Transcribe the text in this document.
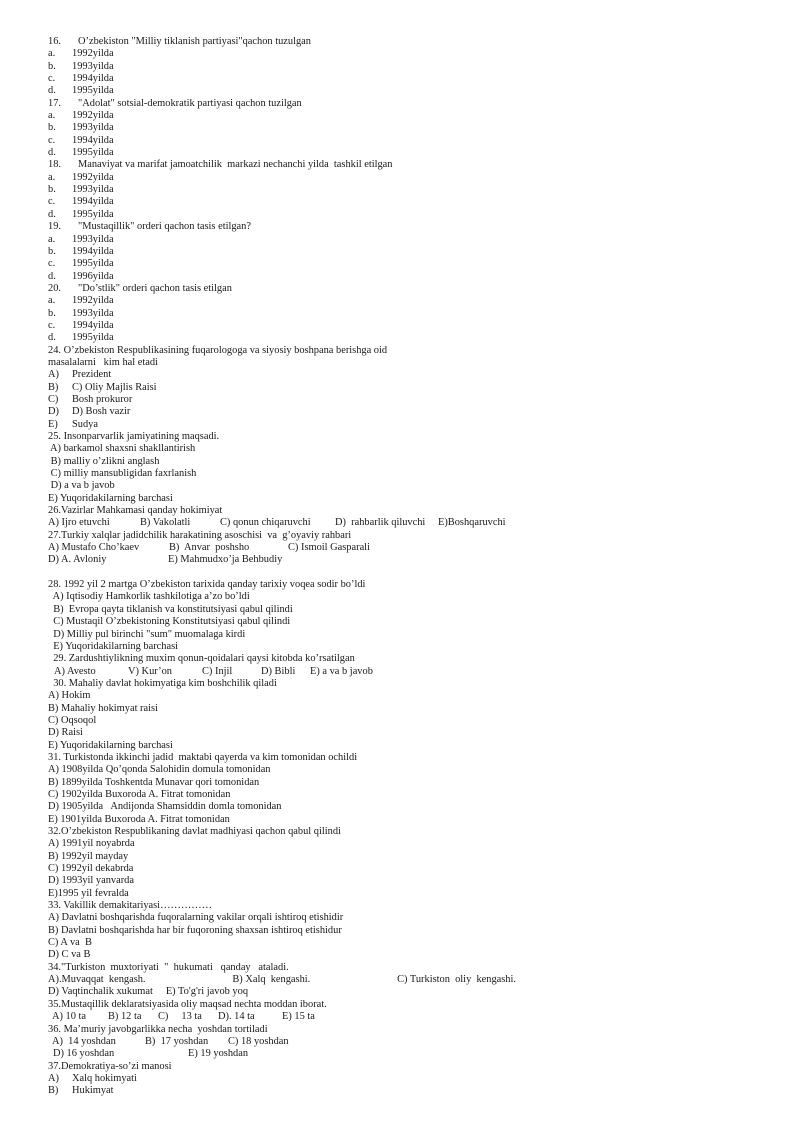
16. O’zbekiston "Milliy tiklanish partiyasi"qachon tuzulgan
a. 1992yilda
b. 1993yilda
c. 1994yilda
d. 1995yilda
17. "Adolat" sotsial-demokratik partiyasi qachon tuzilgan
a. 1992yilda
b. 1993yilda
c. 1994yilda
d. 1995yilda
18. Manaviyat va marifat jamoatchilik  markazi nechanchi yilda  tashkil etilgan
a. 1992yilda
b. 1993yilda
c. 1994yilda
d. 1995yilda
19. "Mustaqillik" orderi qachon tasis etilgan?
a. 1993yilda
b. 1994yilda
c. 1995yilda
d. 1996yilda
20. "Do’stlik" orderi qachon tasis etilgan
a. 1992yilda
b. 1993yilda
c. 1994yilda
d. 1995yilda
24. O’zbekiston Respublikasining fuqarologoga va siyosiy boshpana berishga oid
masalalarni   kim hal etadi
A) Prezident
B) C) Oliy Majlis Raisi
C) Bosh prokuror
D) D) Bosh vazir
E) Sudya
25. Insonparvarlik jamiyatining maqsadi.
A) barkamol shaxsni shakllantirish
B) malliy o’zlikni anglash
C) milliy mansubligidan faxrlanish
D) a va b javob
E) Yuqoridakilarning barchasi
26.Vazirlar Mahkamasi qanday hokimiyat

A) Ijro etuvchi

	B) Vakolatli

	C) qonun chiqaruvchi

D)  rahbarlik qiluvchi

E)Boshqaruvchi

27.Turkiy xalqlar jadidchilik harakatining asoschisi  va  g’oyaviy rahbari

A) Mustafo Cho’kaev

	B)  Anvar  poshsho

	C) Ismoil Gasparali

D) A. Avloniy

	E) Mahmudxo’ja Behbudiy

28. 1992 yil 2 martga O’zbekiston tarixida qanday tarixiy voqea sodir bo’ldi
A) Iqtisodiy Hamkorlik tashkilotiga a’zo bo’ldi
B)  Evropa qayta tiklanish va konstitutsiyasi qabul qilindi
C) Mustaqil O’zbekistoning Konstitutsiyasi qabul qilindi
D) Milliy pul birinchi "sum" muomalaga kirdi
E) Yuqoridakilarning barchasi
29. Zardushtiylikning muxim qonun-qoidalari qaysi kitobda ko’rsatilgan

A) Avesto

	V) Kur’on

	C) Injil

	D) Bibli

E) a va b javob

30. Mahaliy davlat hokimyatiga kim boshchilik qiladi
A) Hokim
B) Mahaliy hokimyat raisi
C) Oqsoqol
D) Raisi
E) Yuqoridakilarning barchasi
31. Turkistonda ikkinchi jadid  maktabi qayerda va kim tomonidan ochildi
A) 1908yilda Qo’qonda Salohidin domula tomonidan
B) 1899yilda Toshkentda Munavar qori tomonidan
C) 1902yilda Buxoroda A. Fitrat tomonidan
D) 1905yilda   Andijonda Shamsiddin domla tomonidan
E) 1901yilda Buxoroda A. Fitrat tomonidan
32.O’zbekiston Respublikaning davlat madhiyasi qachon qabul qilindi
A) 1991yil noyabrda
B) 1992yil mayday
C) 1992yil dekabrda
D) 1993yil yanvarda
E)1995 yil fevralda
33. Vakillik demakitariyasi……………
A) Davlatni boshqarishda fuqoralarning vakilar orqali ishtiroq etishidir
B) Davlatni boshqarishda har bir fuqoroning shaxsan ishtiroq etishidur
C) A va  B
D) C va B
34."Turkiston  muxtoriyati  "  hukumati   qanday   ataladi.
A).Muvaqqat  kengash.	B) Xalq  kengashi.	C) Turkiston  oliy  kengashi.
D) Vaqtinchalik xukumat     E) To'g'ri javob yoq
35.Mustaqillik deklaratsiyasida oliy maqsad nechta moddan iborat.

A) 10 ta

B) 12 ta

C)     13 ta

D). 14 ta

	E) 15 ta

36. Ma’muriy javobgarlikka necha  yoshdan tortiladi

A)  14 yoshdan

	B)  17 yoshdan

C) 18 yoshdan

D) 16 yoshdan

	E) 19 yoshdan

37.Demokratiya-so’zi manosi
A) Xalq hokimyati
B) Hukimyat
